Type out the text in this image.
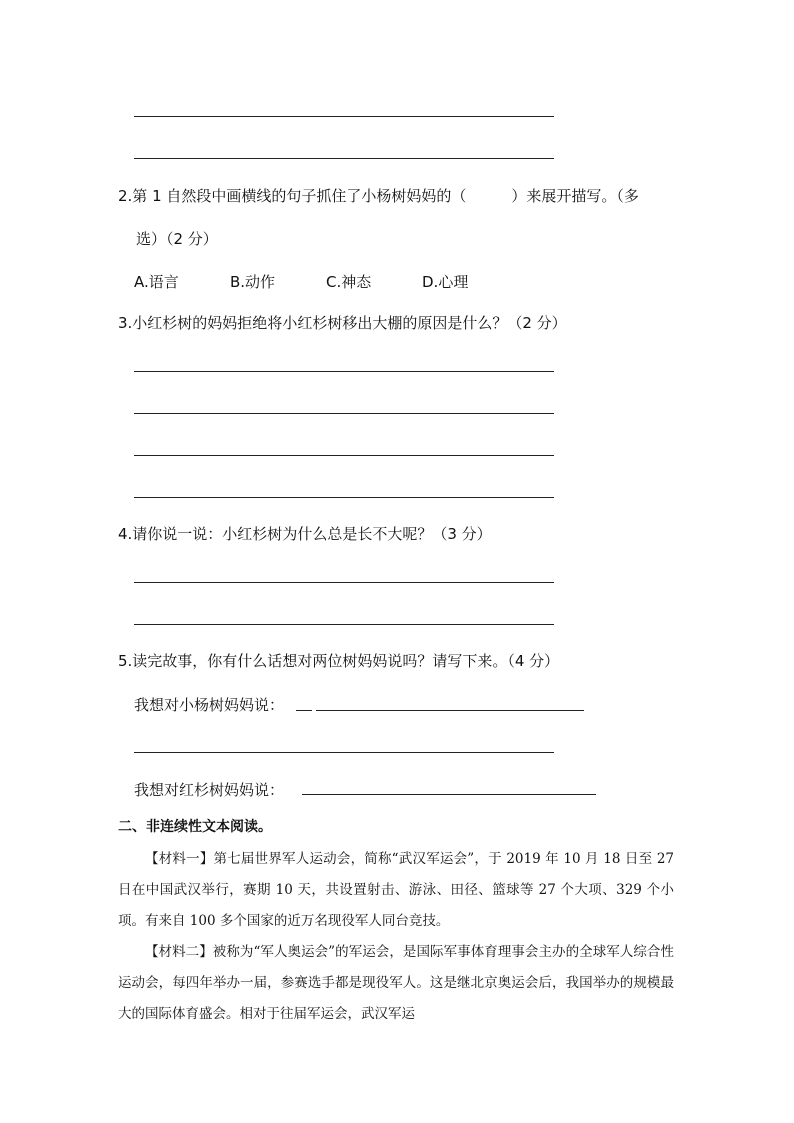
2.第 1 自然段中画横线的句子抓住了小杨树妈妈的（　　　）来展开描写。（多
选）（2 分）
A.语言	B.动作	C.神态	D.心理
3.小红杉树的妈妈拒绝将小红杉树移出大棚的原因是什么？（2 分）
4.请你说一说：小红杉树为什么总是长不大呢？（3 分）
5.读完故事，你有什么话想对两位树妈妈说吗？请写下来。（4 分）
我想对小杨树妈妈说：
我想对红杉树妈妈说：
二、非连续性文本阅读。
【材料一】第七届世界军人运动会，简称“武汉军运会”，于 2019 年 10 月 18 日至 27 日在中国武汉举行，赛期 10 天，共设置射击、游泳、田径、篮球等 27 个大项、329 个小项。有来自 100 多个国家的近万名现役军人同台竞技。
【材料二】被称为“军人奥运会”的军运会，是国际军事体育理事会主办的全球军人综合性运动会，每四年举办一届，参赛选手都是现役军人。这是继北京奥运会后，我国举办的规模最大的国际体育盛会。相对于往届军运会，武汉军运
